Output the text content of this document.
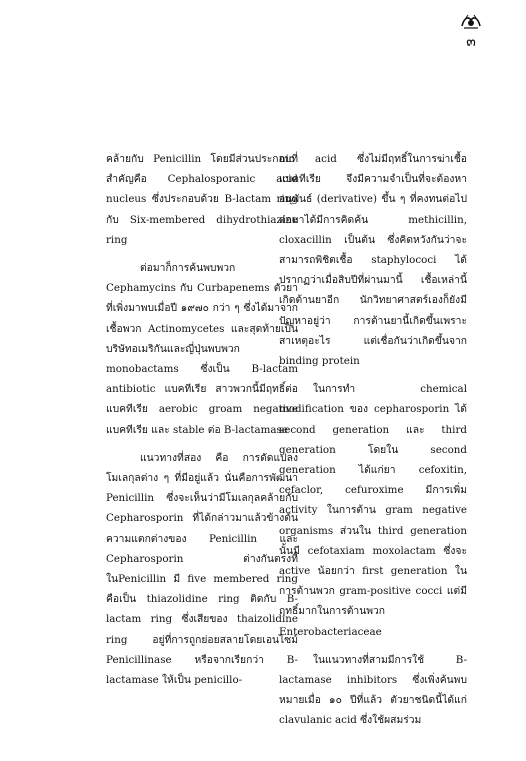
๓

คล้ายกับ Penicillin โดยมีส่วนประกอบที่สำคัญคือ Cephalosporanic acid nucleus ซึ่งประกอบด้วย B-lactam ring กับ Six-membered dihydrothiazine ring

ต่อมาก็การค้นพบพวก Cephamycins กับ Curbapenems ตัวยาที่เพิ่งมาพบเมื่อปี ๑๙๗๐ กว่า ๆ ซึ่งได้มาจากเชื้อพวก Actinomycetes และสุดท้ายเป็นบริษัทอเมริกันและญี่ปุ่นพบพวก monobactams ซึ่งเป็น B-lactam antibiotic แบคทีเรีย สาวพวกนี้มีฤทธิ์ต่อแบคทีเรีย aerobic groam negative แบคทีเรีย และ stable ต่อ B-lactamase

แนวทางที่สอง คือ การดัดแปลงโมเลกุลต่าง ๆ ที่มีอยู่แล้ว นั่นคือการพัฒนา Penicillin ซึ่งจะเห็นว่ามีโมเลกุลคล้ายกับ Cepharosporin ที่ได้กล่าวมาแล้วข้างต้น ความแตกต่างของ Penicillin และ Cepharosporin ต่างกันตรงที่ ในPenicillin มี five membered ring คือเป็น thiazolidine ring ติดกับ B-lactam ring ซึ่งเสียของ thaizolidine ring อยู่ที่การถูกย่อยสลายโดยเอนไซม์ Penicillinase หรือจากเรียกว่า B-lactamase ให้เป็น penicillo-

nic acid ซึ่งไม่มีฤทธิ์ในการฆ่าเชื้อแบคทีเรีย จึงมีความจำเป็นที่จะต้องหาอนุพันธ์ (derivative) ขึ้น ๆ ที่คงทนต่อไป ต่อมาได้มีการคิดค้น methicillin, cloxacillin เป็นต้น ซึ่งคิดหวังกันว่าจะสามารถพิชิตเชื้อ staphylococi ได้ ปรากฏว่าเมื่อสิบปีที่ผ่านมานี้ เชื้อเหล่านี้เกิดต้านยาอีก นักวิทยาศาสตร์เองก็ยังมีปัญหาอยู่ว่า การต้านยานี้เกิดขึ้นเพราะสาเหตุอะไร แต่เชื่อกันว่าเกิดขึ้นจาก binding protein

ในการทำ chemical modification ของ cepharosporin ได้ second generation และ third generation โดยใน second generation ได้แก่ยา cefoxitin, cefaclor, cefuroxime มีการเพิ่ม activity ในการต้าน gram negative organisms ส่วนใน third generation นั้นมี cefotaxiam moxolactam ซึ่งจะ active น้อยกว่า first generation ในการต้านพวก gram-positive cocci แต่มีฤทธิ์มากในการต้านพวก Enterobacteriaceae

ในแนวทางที่สามมีการใช้ B-lactamase inhibitors ซึ่งเพิ่งค้นพบหมายเมื่อ ๑๐ ปีที่แล้ว ตัวยาชนิดนี้ได้แก่ clavulanic acid ซึ่งใช้ผสมร่วม
